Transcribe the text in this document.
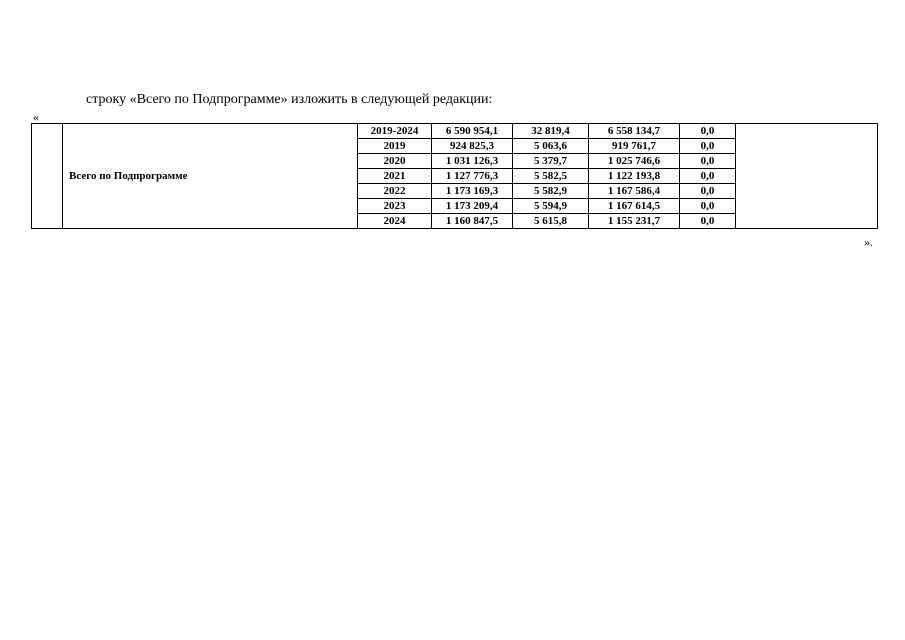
строку «Всего по Подпрограмме» изложить в следующей редакции:
«
	Всего по Подпрограмме	2019-2024	6 590 954,1	32 819,4	6 558 134,7	0,0	
		2019	924 825,3	5 063,6	919 761,7	0,0	
		2020	1 031 126,3	5 379,7	1 025 746,6	0,0	
		2021	1 127 776,3	5 582,5	1 122 193,8	0,0	
		2022	1 173 169,3	5 582,9	1 167 586,4	0,0	
		2023	1 173 209,4	5 594,9	1 167 614,5	0,0	
		2024	1 160 847,5	5 615,8	1 155 231,7	0,0	
».
